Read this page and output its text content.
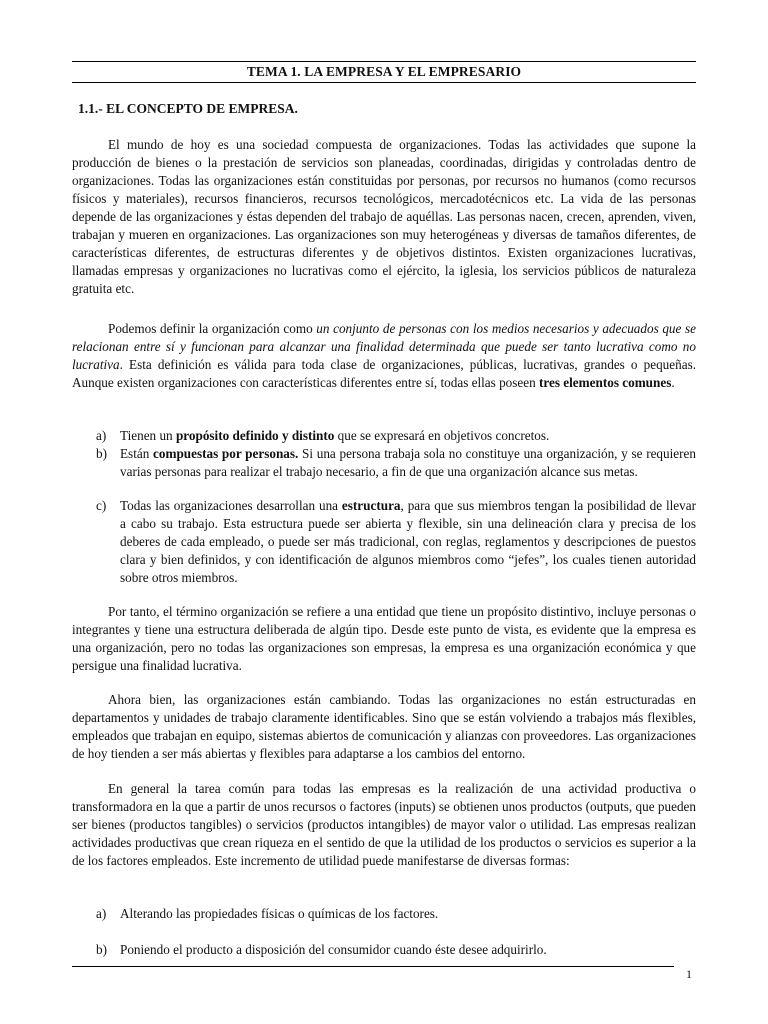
TEMA 1. LA EMPRESA Y EL EMPRESARIO
1.1.- EL CONCEPTO DE EMPRESA.
El mundo de hoy es una sociedad compuesta de organizaciones. Todas las actividades que supone la producción de bienes o la prestación de servicios son planeadas, coordinadas, dirigidas y controladas dentro de organizaciones. Todas las organizaciones están constituidas por personas, por recursos no humanos (como recursos físicos y materiales), recursos financieros, recursos tecnológicos, mercadotécnicos etc. La vida de las personas depende de las organizaciones y éstas dependen del trabajo de aquéllas. Las personas nacen, crecen, aprenden, viven, trabajan y mueren en organizaciones. Las organizaciones son muy heterogéneas y diversas de tamaños diferentes, de características diferentes, de estructuras diferentes y de objetivos distintos. Existen organizaciones lucrativas, llamadas empresas y organizaciones no lucrativas como el ejército, la iglesia, los servicios públicos de naturaleza gratuita etc.
Podemos definir la organización como un conjunto de personas con los medios necesarios y adecuados que se relacionan entre sí y funcionan para alcanzar una finalidad determinada que puede ser tanto lucrativa como no lucrativa. Esta definición es válida para toda clase de organizaciones, públicas, lucrativas, grandes o pequeñas. Aunque existen organizaciones con características diferentes entre sí, todas ellas poseen tres elementos comunes.
a)	Tienen un propósito definido y distinto que se expresará en objetivos concretos.
b) Están compuestas por personas. Si una persona trabaja sola no constituye una organización, y se requieren varias personas para realizar el trabajo necesario, a fin de que una organización alcance sus metas.
c)	Todas las organizaciones desarrollan una estructura, para que sus miembros tengan la posibilidad de llevar a cabo su trabajo. Esta estructura puede ser abierta y flexible, sin una delineación clara y precisa de los deberes de cada empleado, o puede ser más tradicional, con reglas, reglamentos y descripciones de puestos clara y bien definidos, y con identificación de algunos miembros como “jefes”, los cuales tienen autoridad sobre otros miembros.
Por tanto, el término organización se refiere a una entidad que tiene un propósito distintivo, incluye personas o integrantes y tiene una estructura deliberada de algún tipo. Desde este punto de vista, es evidente que la empresa es una organización, pero no todas las organizaciones son empresas, la empresa es una organización económica y que persigue una finalidad lucrativa.
Ahora bien, las organizaciones están cambiando. Todas las organizaciones no están estructuradas en departamentos y unidades de trabajo claramente identificables. Sino que se están volviendo a trabajos más flexibles, empleados que trabajan en equipo, sistemas abiertos de comunicación y alianzas con proveedores. Las organizaciones de hoy tienden a ser más abiertas y flexibles para adaptarse a los cambios del entorno.
En general la tarea común para todas las empresas es la realización de una actividad productiva o transformadora en la que a partir de unos recursos o factores (inputs) se obtienen unos productos (outputs, que pueden ser bienes (productos tangibles) o servicios (productos intangibles) de mayor valor o utilidad. Las empresas realizan actividades productivas que crean riqueza en el sentido de que la utilidad de los productos o servicios es superior a la de los factores empleados. Este incremento de utilidad puede manifestarse de diversas formas:
a)	Alterando las propiedades físicas o químicas de los factores.
b) Poniendo el producto a disposición del consumidor cuando éste desee adquirirlo.
1
